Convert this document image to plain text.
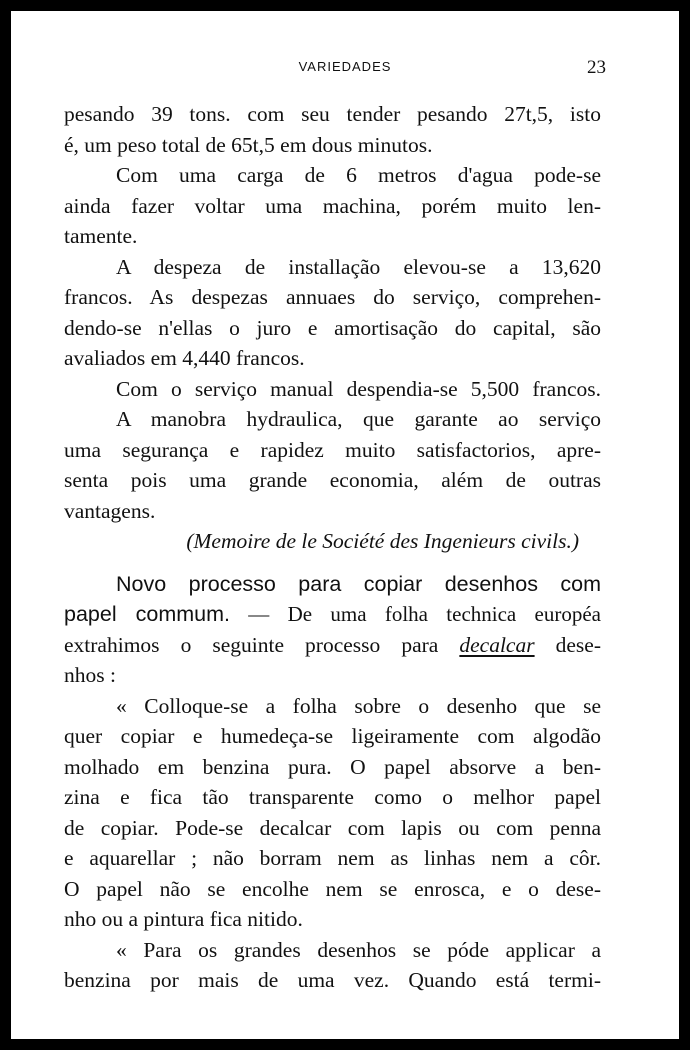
VARIEDADES	23
pesando 39 tons. com seu tender pesando 27t,5, isto
é, um peso total de 65t,5 em dous minutos.
Com uma carga de 6 metros d'agua pode-se
ainda fazer voltar uma machina, porém muito len-
tamente.
A despeza de installação elevou-se a 13,620
francos. As despezas annuaes do serviço, comprehen-
dendo-se n'ellas o juro e amortisação do capital, são
avaliados em 4,440 francos.
Com o serviço manual despendia-se 5,500 francos.
A manobra hydraulica, que garante ao serviço
uma segurança e rapidez muito satisfactorios, apre-
senta pois uma grande economia, além de outras
vantagens.
(Memoire de le Société des Ingenieurs civils.)
Novo processo para copiar desenhos com
papel commum. — De uma folha technica européa
extrahimos o seguinte processo para decalcar dese-
nhos :
« Colloque-se a folha sobre o desenho que se
quer copiar e humedeça-se ligeiramente com algodão
molhado em benzina pura. O papel absorve a ben-
zina e fica tão transparente como o melhor papel
de copiar. Pode-se decalcar com lapis ou com penna
e aquarellar ; não borram nem as linhas nem a côr.
O papel não se encolhe nem se enrosca, e o dese-
nho ou a pintura fica nitido.
« Para os grandes desenhos se póde applicar a
benzina por mais de uma vez. Quando está termi-
